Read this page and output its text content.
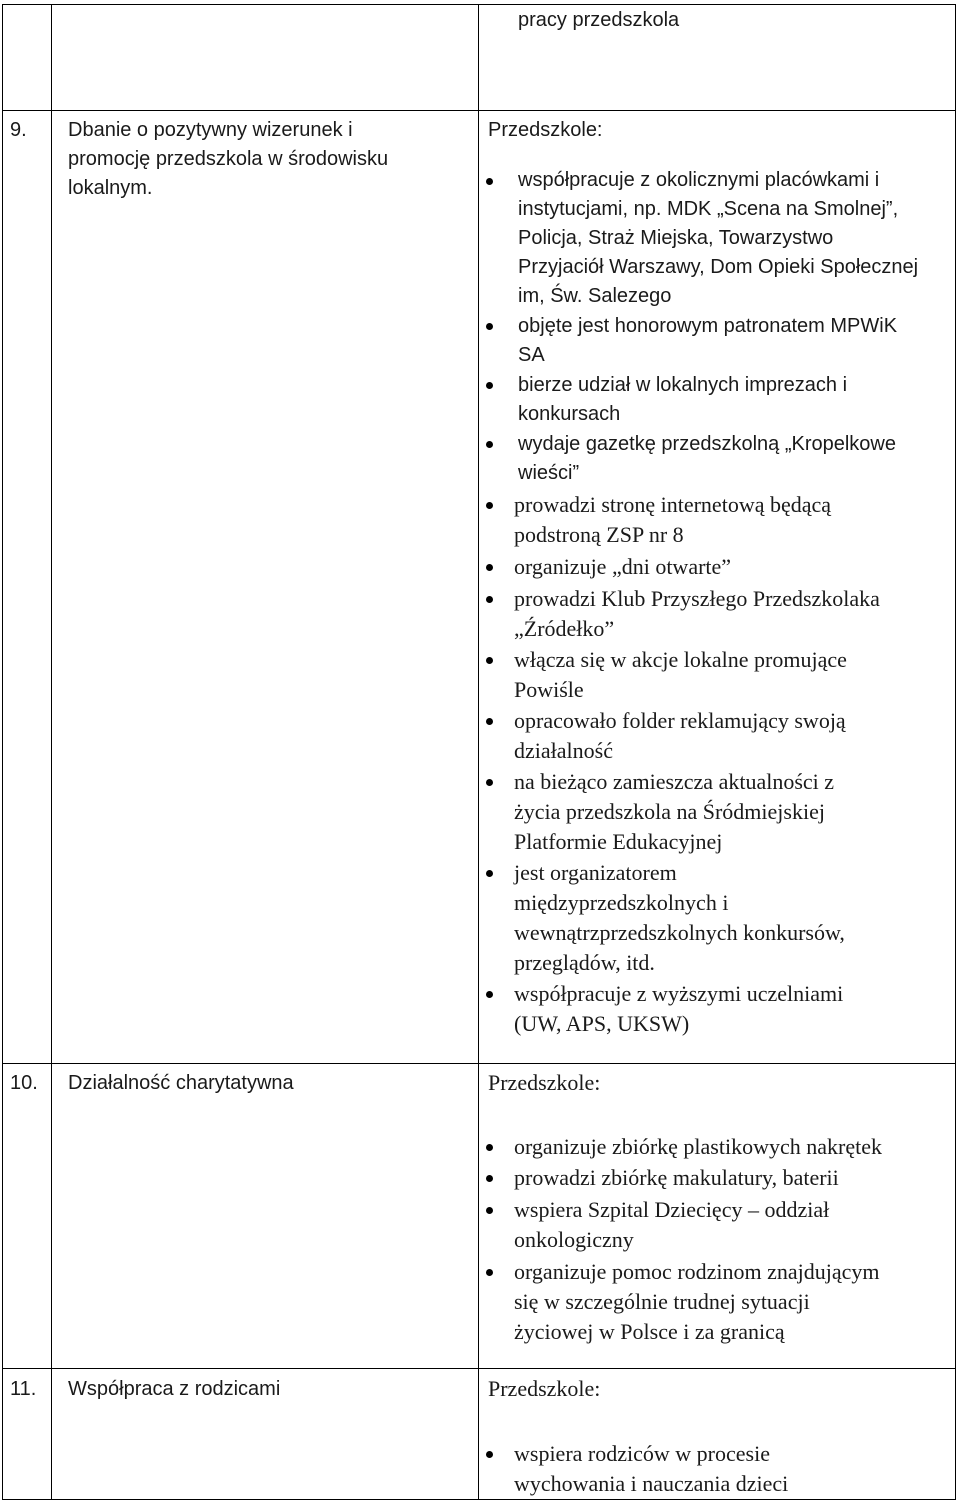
pracy przedszkola
9. Dbanie o pozytywny wizerunek i
promocję przedszkola w środowisku
lokalnym.
Przedszkole:
współpracuje z okolicznymi placówkami i
instytucjami, np. MDK „Scena na Smolnej”,
Policja, Straż Miejska, Towarzystwo
Przyjaciół Warszawy, Dom Opieki Społecznej
im, Św. Salezego
objęte jest honorowym patronatem MPWiK
SA
bierze udział w lokalnych imprezach i
konkursach
wydaje gazetkę przedszkolną „Kropelkowe
wieści”
prowadzi stronę internetową będącą
podstroną ZSP nr 8
organizuje „dni otwarte”
prowadzi Klub Przyszłego Przedszkolaka
„Źródełko”
włącza się w akcje lokalne promujące
Powiśle
opracowało folder reklamujący swoją
działalność
na bieżąco zamieszcza aktualności z
życia przedszkola na Śródmiejskiej
Platformie Edukacyjnej
jest organizatorem
międzyprzedszkolnych i
wewnątrzprzedszkolnych konkursów,
przeglądów, itd.
współpracuje z wyższymi uczelniami
(UW, APS, UKSW)
10. Działalność charytatywna	Przedszkole:
organizuje zbiórkę plastikowych nakrętek
prowadzi zbiórkę makulatury, baterii
wspiera Szpital Dziecięcy – oddział
onkologiczny
organizuje pomoc rodzinom znajdującym
się w szczególnie trudnej sytuacji
życiowej w Polsce i za granicą
11. Współpraca z rodzicami	Przedszkole:
wspiera rodziców w procesie
wychowania i nauczania dzieci
